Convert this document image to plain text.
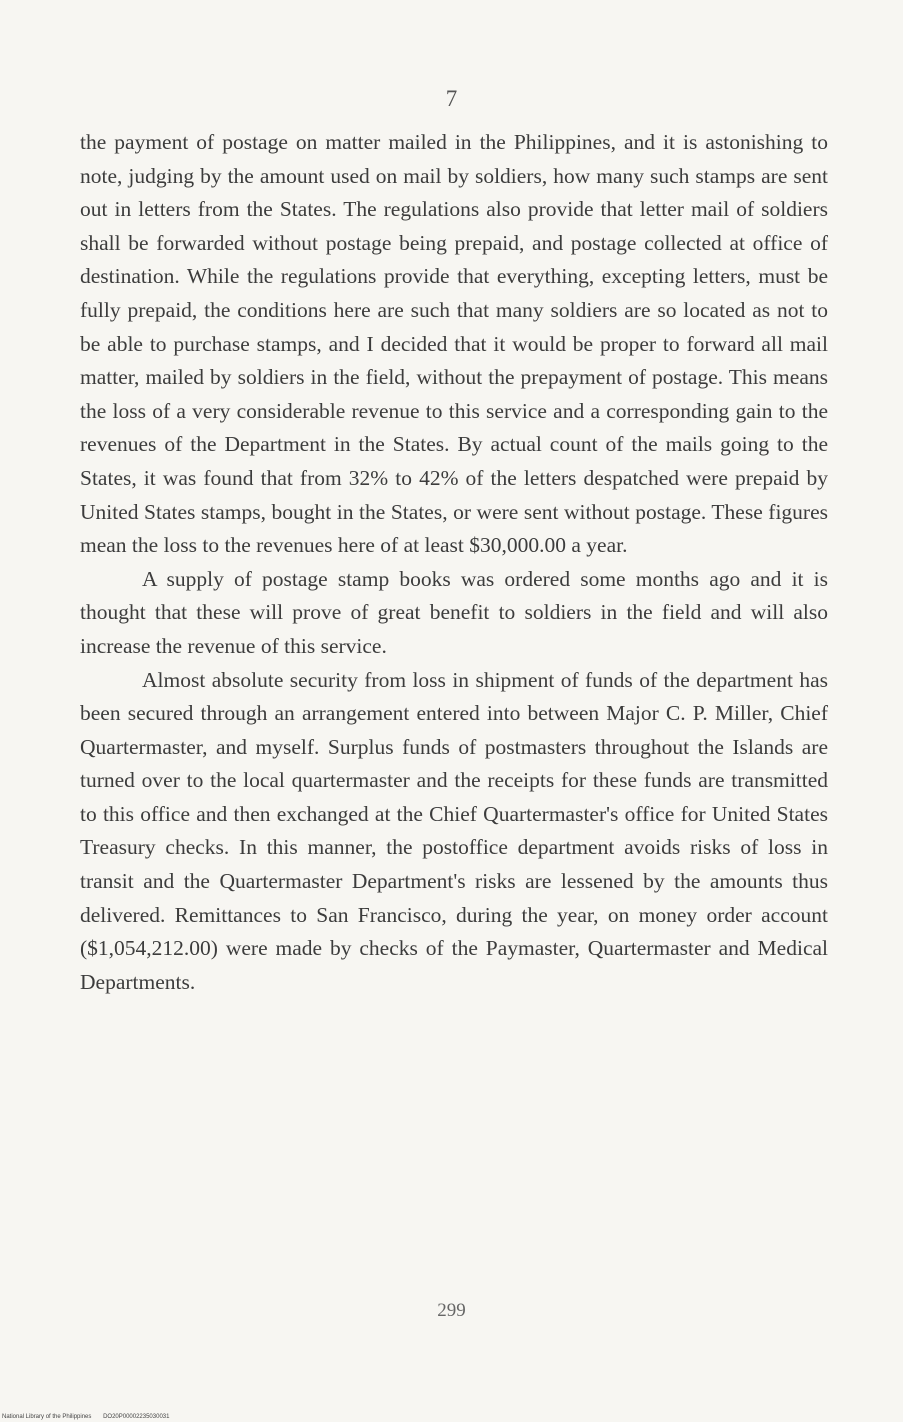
7

the payment of postage on matter mailed in the Philippines, and it is astonishing to note, judging by the amount used on mail by soldiers, how many such stamps are sent out in letters from the States. The regulations also provide that letter mail of soldiers shall be forwarded without postage being prepaid, and postage collected at office of destination. While the regulations provide that everything, excepting letters, must be fully prepaid, the conditions here are such that many soldiers are so located as not to be able to purchase stamps, and I decided that it would be proper to forward all mail matter, mailed by soldiers in the field, without the prepayment of postage. This means the loss of a very considerable revenue to this service and a corresponding gain to the revenues of the Department in the States. By actual count of the mails going to the States, it was found that from 32% to 42% of the letters despatched were prepaid by United States stamps, bought in the States, or were sent without postage. These figures mean the loss to the revenues here of at least $30,000.00 a year.

A supply of postage stamp books was ordered some months ago and it is thought that these will prove of great benefit to soldiers in the field and will also increase the revenue of this service.

Almost absolute security from loss in shipment of funds of the department has been secured through an arrangement entered into between Major C. P. Miller, Chief Quartermaster, and myself. Surplus funds of postmasters throughout the Islands are turned over to the local quartermaster and the receipts for these funds are transmitted to this office and then exchanged at the Chief Quartermaster's office for United States Treasury checks. In this manner, the postoffice department avoids risks of loss in transit and the Quartermaster Department's risks are lessened by the amounts thus delivered. Remittances to San Francisco, during the year, on money order account ($1,054,212.00) were made by checks of the Paymaster, Quartermaster and Medical Departments.

299
National Library of the Philippines DO20P00002235030031
